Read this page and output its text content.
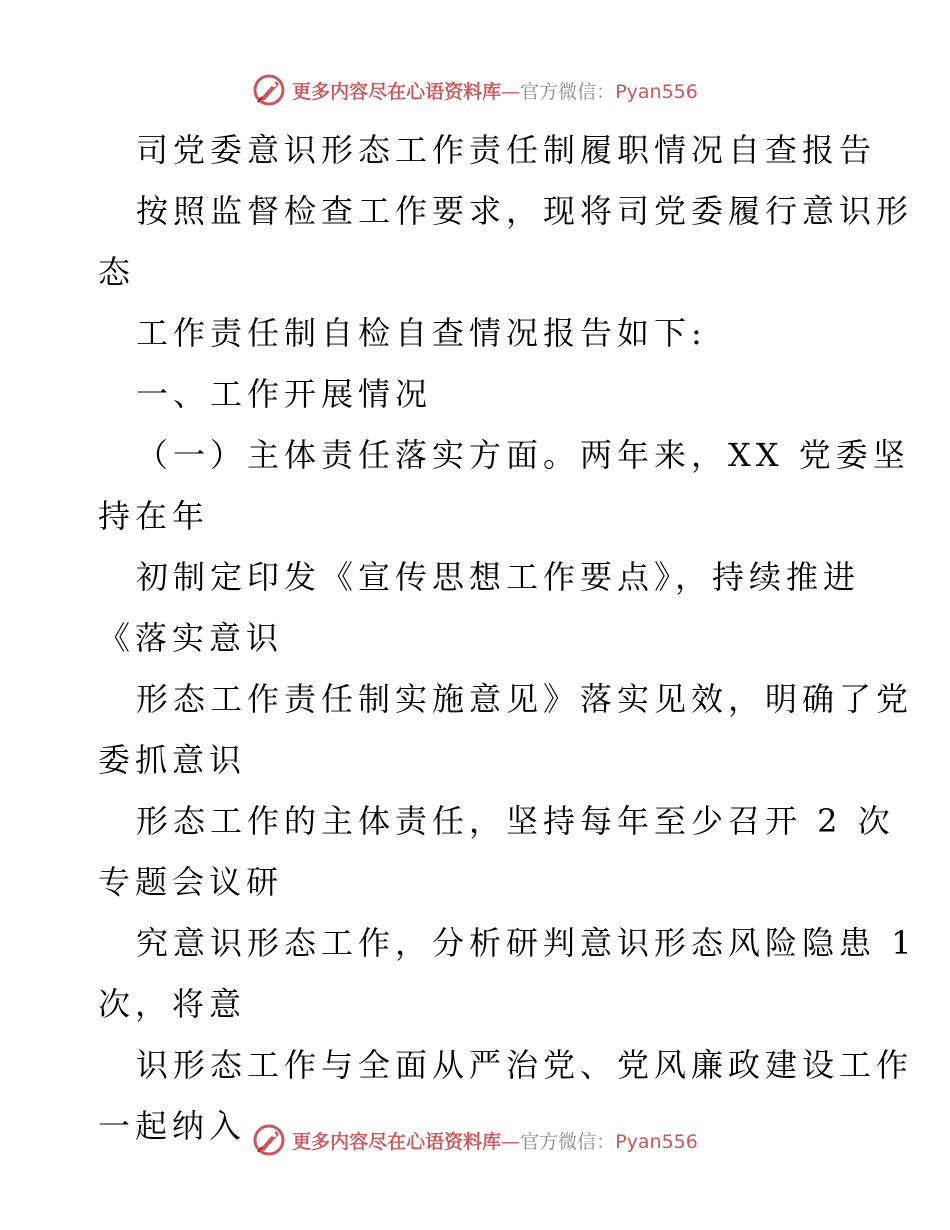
更多内容尽在心语资料库—官方微信：Pyan556
司党委意识形态工作责任制履职情况自查报告
按照监督检查工作要求，现将司党委履行意识形
态
工作责任制自检自查情况报告如下:
一、工作开展情况
（一）主体责任落实方面。两年来，XX 党委坚
持在年
初制定印发《宣传思想工作要点》，持续推进
《落实意识
形态工作责任制实施意见》落实见效，明确了党
委抓意识
形态工作的主体责任，坚持每年至少召开 2 次
专题会议研
究意识形态工作，分析研判意识形态风险隐患 1
次，将意
识形态工作与全面从严治党、党风廉政建设工作
一起纳入	更多内容尽在心语资料库—官方微信：Pyan556
